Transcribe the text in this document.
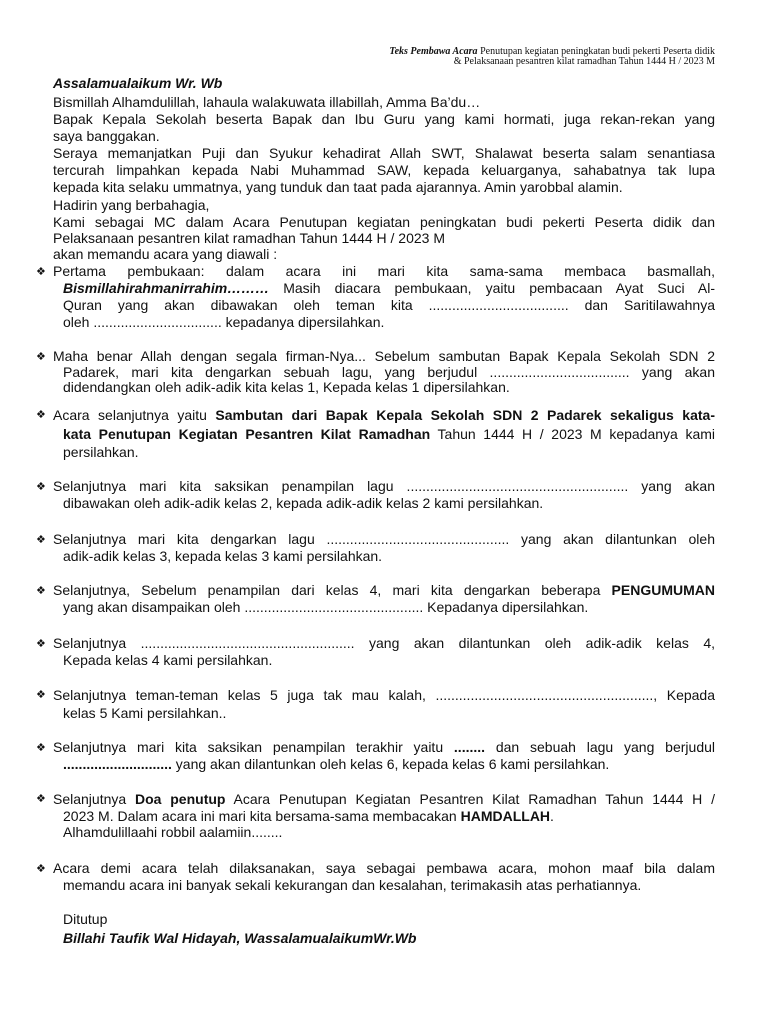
Teks Pembawa Acara Penutupan kegiatan peningkatan budi pekerti Peserta didik
& Pelaksanaan pesantren kilat ramadhan Tahun 1444 H / 2023 M
Assalamualaikum Wr. Wb
Bismillah Alhamdulillah, lahaula walakuwata illabillah, Amma Ba’du…
Bapak Kepala Sekolah beserta Bapak dan Ibu Guru yang kami hormati, juga rekan-rekan yang
saya banggakan.
Seraya memanjatkan Puji dan Syukur kehadirat Allah SWT, Shalawat beserta salam senantiasa
tercurah limpahkan kepada Nabi Muhammad SAW, kepada keluarganya, sahabatnya tak lupa
kepada kita selaku ummatnya, yang tunduk dan taat pada ajarannya. Amin yarobbal alamin.
Hadirin yang berbahagia,
Kami sebagai MC dalam Acara Penutupan kegiatan peningkatan budi pekerti Peserta didik dan
Pelaksanaan pesantren kilat ramadhan Tahun 1444 H / 2023 M
akan memandu acara yang diawali :
❖ Pertama pembukaan: dalam acara ini mari kita sama-sama membaca basmallah,
Bismillahirahmanirrahim……… Masih diacara pembukaan, yaitu pembacaan Ayat Suci Al-
Quran yang akan dibawakan oleh teman kita .................................... dan Saritilawahnya
oleh ................................. kepadanya dipersilahkan.
❖ Maha benar Allah dengan segala firman-Nya... Sebelum sambutan Bapak Kepala Sekolah SDN 2
Padarek, mari kita dengarkan sebuah lagu, yang berjudul .................................... yang akan
didendangkan oleh adik-adik kita kelas 1, Kepada kelas 1 dipersilahkan.
❖ Acara selanjutnya yaitu Sambutan dari Bapak Kepala Sekolah SDN 2 Padarek sekaligus kata-
kata Penutupan Kegiatan Pesantren Kilat Ramadhan Tahun 1444 H / 2023 M kepadanya kami
persilahkan.
❖ Selanjutnya mari kita saksikan penampilan lagu ......................................................... yang akan
dibawakan oleh adik-adik kelas 2, kepada adik-adik kelas 2 kami persilahkan.
❖ Selanjutnya mari kita dengarkan lagu ............................................... yang akan dilantunkan oleh
adik-adik kelas 3, kepada kelas 3 kami persilahkan.
❖ Selanjutnya, Sebelum penampilan dari kelas 4, mari kita dengarkan beberapa PENGUMUMAN
yang akan disampaikan oleh .............................................. Kepadanya dipersilahkan.
❖ Selanjutnya ....................................................... yang akan dilantunkan oleh adik-adik kelas 4,
Kepada kelas 4 kami persilahkan.
❖ Selanjutnya teman-teman kelas 5 juga tak mau kalah, ........................................................, Kepada
kelas 5 Kami persilahkan..
❖ Selanjutnya mari kita saksikan penampilan terakhir yaitu ........ dan sebuah lagu yang berjudul
............................ yang akan dilantunkan oleh kelas 6, kepada kelas 6 kami persilahkan.
❖ Selanjutnya Doa penutup Acara Penutupan Kegiatan Pesantren Kilat Ramadhan Tahun 1444 H /
2023 M. Dalam acara ini mari kita bersama-sama membacakan HAMDALLAH.
Alhamdulillaahi robbil aalamiin........
❖ Acara demi acara telah dilaksanakan, saya sebagai pembawa acara, mohon maaf bila dalam
memandu acara ini banyak sekali kekurangan dan kesalahan, terimakasih atas perhatiannya.
Ditutup
Billahi Taufik Wal Hidayah, WassalamualaikumWr.Wb
